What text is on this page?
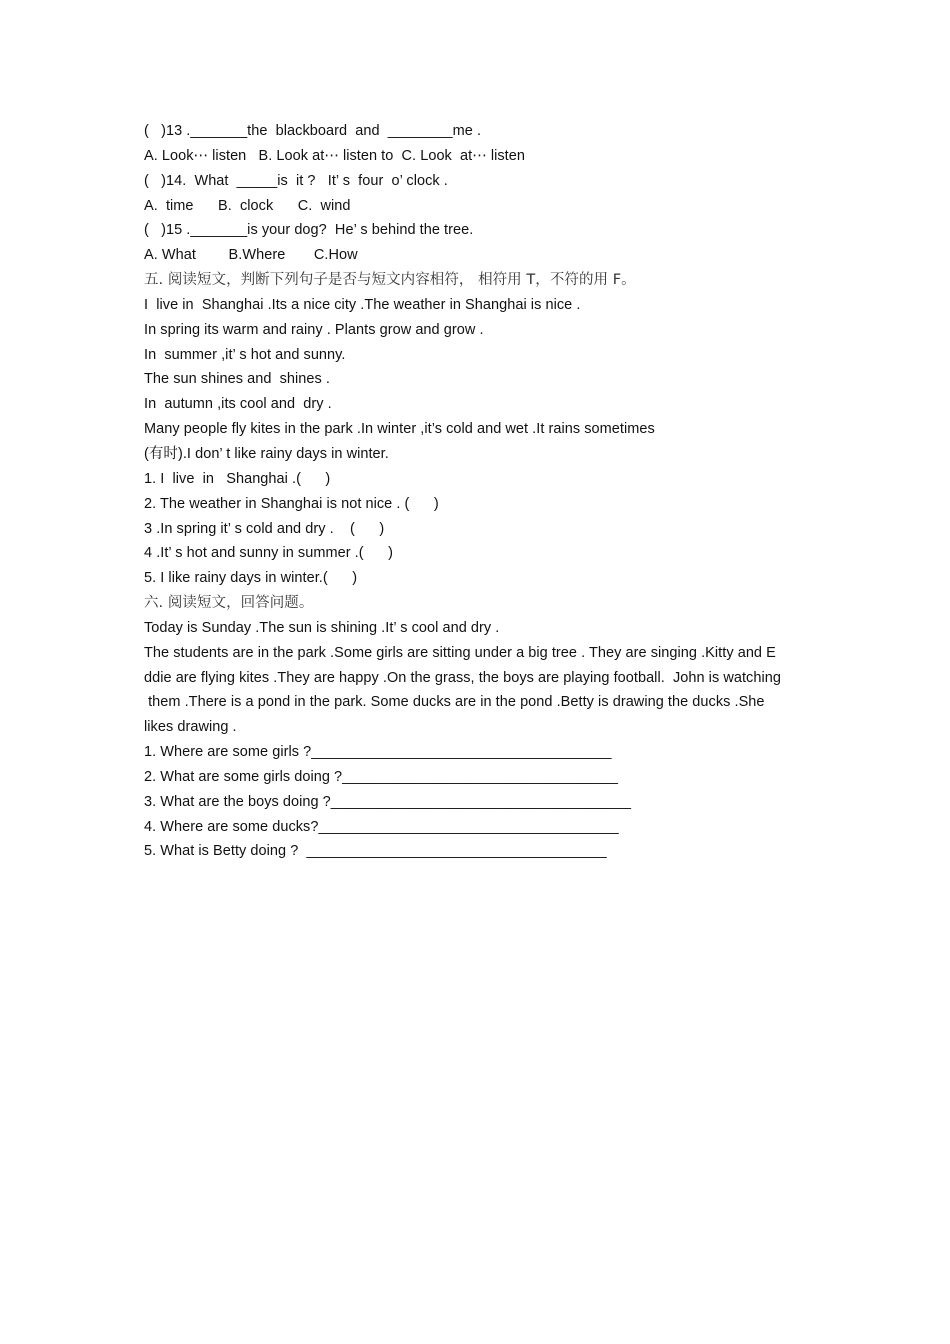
(   )13 ._______the  blackboard  and  ________me .
A. Look⋯ listen   B. Look at⋯ listen to  C. Look  at⋯ listen
(   )14.  What  _____is  it ?   It’ s  four  o’ clock .
A.  time      B.  clock      C.  wind
(   )15 ._______is your dog?  He’ s behind the tree.
A. What        B.Where       C.How
五. 阅读短文，判断下列句子是否与短文内容相符， 相符用 T，不符的用 F。
I  live in  Shanghai .Its a nice city .The weather in Shanghai is nice .
In spring its warm and rainy . Plants grow and grow .
In  summer ,it’ s hot and sunny.
The sun shines and  shines .
In  autumn ,its cool and  dry .
Many people fly kites in the park .In winter ,it’s cold and wet .It rains sometimes
(有时).I don’ t like rainy days in winter.
1. I  live  in   Shanghai .(      )
2. The weather in Shanghai is not nice . (      )
3 .In spring it’ s cold and dry .    (      )
4 .It’ s hot and sunny in summer .(      )
5. I like rainy days in winter.(      )
六. 阅读短文，回答问题。
Today is Sunday .The sun is shining .It’ s cool and dry .
The students are in the park .Some girls are sitting under a big tree . They are singing .Kitty and E
ddie are flying kites .They are happy .On the grass, the boys are playing football.  John is watching
them .There is a pond in the park. Some ducks are in the pond .Betty is drawing the ducks .She
likes drawing .
1. Where are some girls ?_____________________________________
2. What are some girls doing ?__________________________________
3. What are the boys doing ?_____________________________________
4. Where are some ducks?_____________________________________
5. What is Betty doing ?  _____________________________________
